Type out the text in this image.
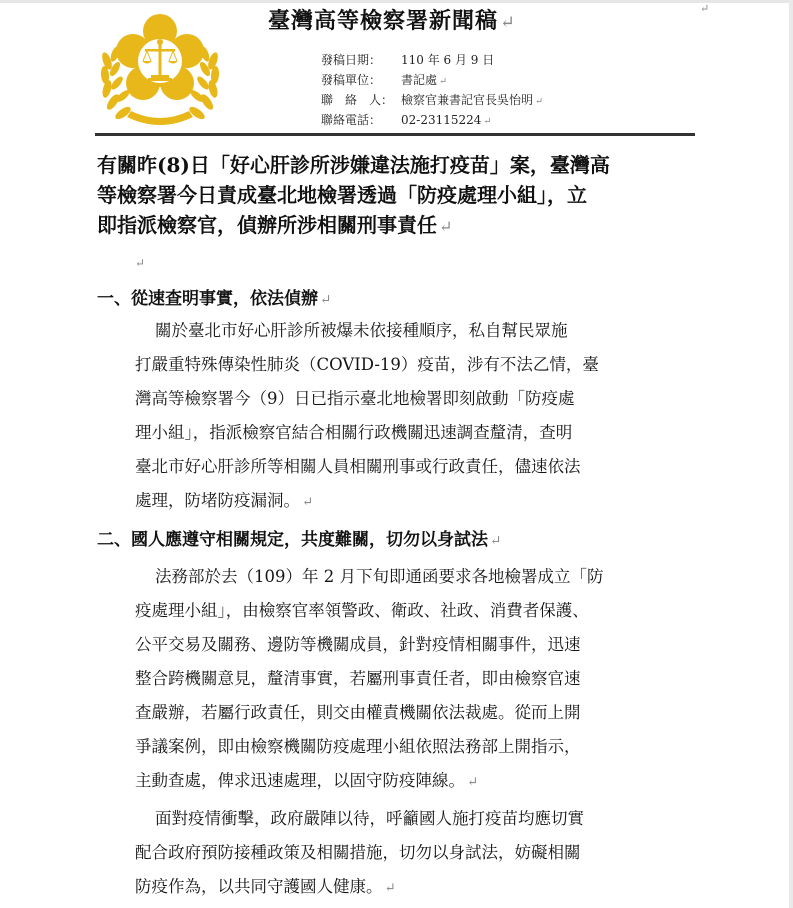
↵
臺灣高等檢察署新聞稿 ↵
發稿日期： 110 年 6 月 9 日
發稿單位： 書記處 ↵
聯　絡　人： 檢察官兼書記官長吳怡明 ↵
聯絡電話： 02-23115224 ↵
有關昨(8)日「好心肝診所涉嫌違法施打疫苗」案，臺灣高
等檢察署今日責成臺北地檢署透過「防疫處理小組」，立
即指派檢察官，偵辦所涉相關刑事責任 ↵
↵
一、從速查明事實，依法偵辦 ↵
關於臺北市好心肝診所被爆未依接種順序，私自幫民眾施
打嚴重特殊傳染性肺炎（COVID-19）疫苗，涉有不法乙情，臺
灣高等檢察署今（9）日已指示臺北地檢署即刻啟動「防疫處
理小組」，指派檢察官結合相關行政機關迅速調查釐清，查明
臺北市好心肝診所等相關人員相關刑事或行政責任，儘速依法
處理，防堵防疫漏洞。 ↵
二、國人應遵守相關規定，共度難關，切勿以身試法 ↵
法務部於去（109）年 2 月下旬即通函要求各地檢署成立「防
疫處理小組」，由檢察官率領警政、衛政、社政、消費者保護、
公平交易及關務、邊防等機關成員，針對疫情相關事件，迅速
整合跨機關意見，釐清事實，若屬刑事責任者，即由檢察官速
查嚴辦，若屬行政責任，則交由權責機關依法裁處。從而上開
爭議案例，即由檢察機關防疫處理小組依照法務部上開指示，
主動查處，俾求迅速處理，以固守防疫陣線。 ↵
面對疫情衝擊，政府嚴陣以待，呼籲國人施打疫苗均應切實
配合政府預防接種政策及相關措施，切勿以身試法，妨礙相關
防疫作為，以共同守護國人健康。 ↵
